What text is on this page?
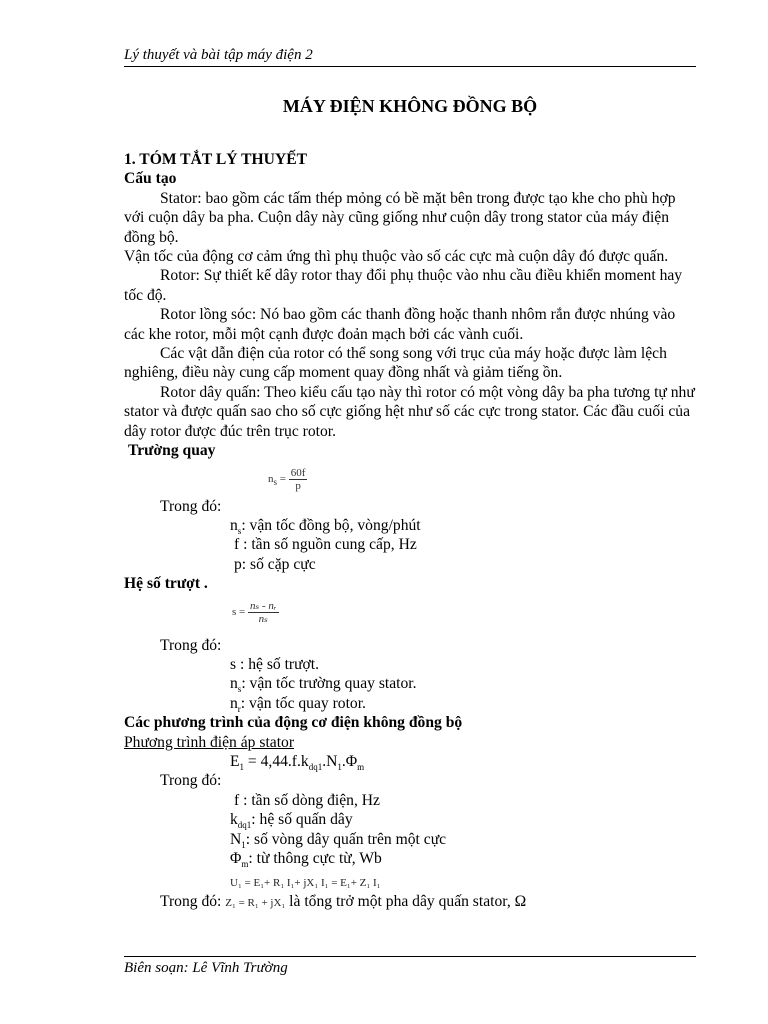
Lý thuyết và bài tập máy điện 2
MÁY ĐIỆN KHÔNG ĐỒNG BỘ

1. TÓM TẮT LÝ THUYẾT

Cấu tạo

Stator: bao gồm các tấm thép mỏng có bề mặt bên trong được tạo khe cho phù hợp với cuộn dây ba pha. Cuộn dây này cũng giống như cuộn dây trong stator của máy điện đồng bộ.

Vận tốc của động cơ cảm ứng thì phụ thuộc vào số các cực mà cuộn dây đó được quấn.

Rotor: Sự thiết kế dây rotor thay đổi phụ thuộc vào nhu cầu điều khiển moment hay tốc độ.

Rotor lồng sóc: Nó bao gồm các thanh đồng hoặc thanh nhôm rắn được nhúng vào các khe rotor, mỗi một cạnh được đoản mạch bởi các vành cuối.

Các vật dẫn điện của rotor có thể song song với trục của máy hoặc được làm lệch nghiêng, điều này cung cấp moment quay đồng nhất và giảm tiếng ồn.

Rotor dây quấn: Theo kiểu cấu tạo này thì rotor có một vòng dây ba pha tương tự như stator và được quấn sao cho số cực giống hệt như số các cực trong stator. Các đầu cuối của dây rotor được đúc trên trục rotor.

Trường quay

$_{n_s = \frac{60f}{p}}$

Trong đó:

$n_s$: vận tốc đồng bộ, vòng/phút

f : tần số nguồn cung cấp, Hz

p: số cặp cực

Hệ số trượt .

$_{s = \frac{\text{nₛ - nᵣ}}{\text{nₛ}}}$

Trong đó:

s : hệ số trượt.

$n_s$: vận tốc trường quay stator.

$n_r$: vận tốc quay rotor.

Các phương trình của động cơ điện không đồng bộ

Phương trình điện áp stator

$E_1 = 4,44.f.k_{dq1}.N_1.\Phi_m$

Trong đó:

f : tần số dòng điện, Hz

$k_{dq1}$: hệ số quấn dây

$N_1$: số vòng dây quấn trên một cực

$\Phi_m$: từ thông cực từ, Wb

$_{U_1 = E_1+ R_1 I_1+ jX_1 I_1 = E_1+ Z_1 I_1}$

Trong đó: Z₁ = R₁ + jX₁ là tổng trở một pha dây quấn stator, Ω

Biên soạn: Lê Vĩnh Trường
